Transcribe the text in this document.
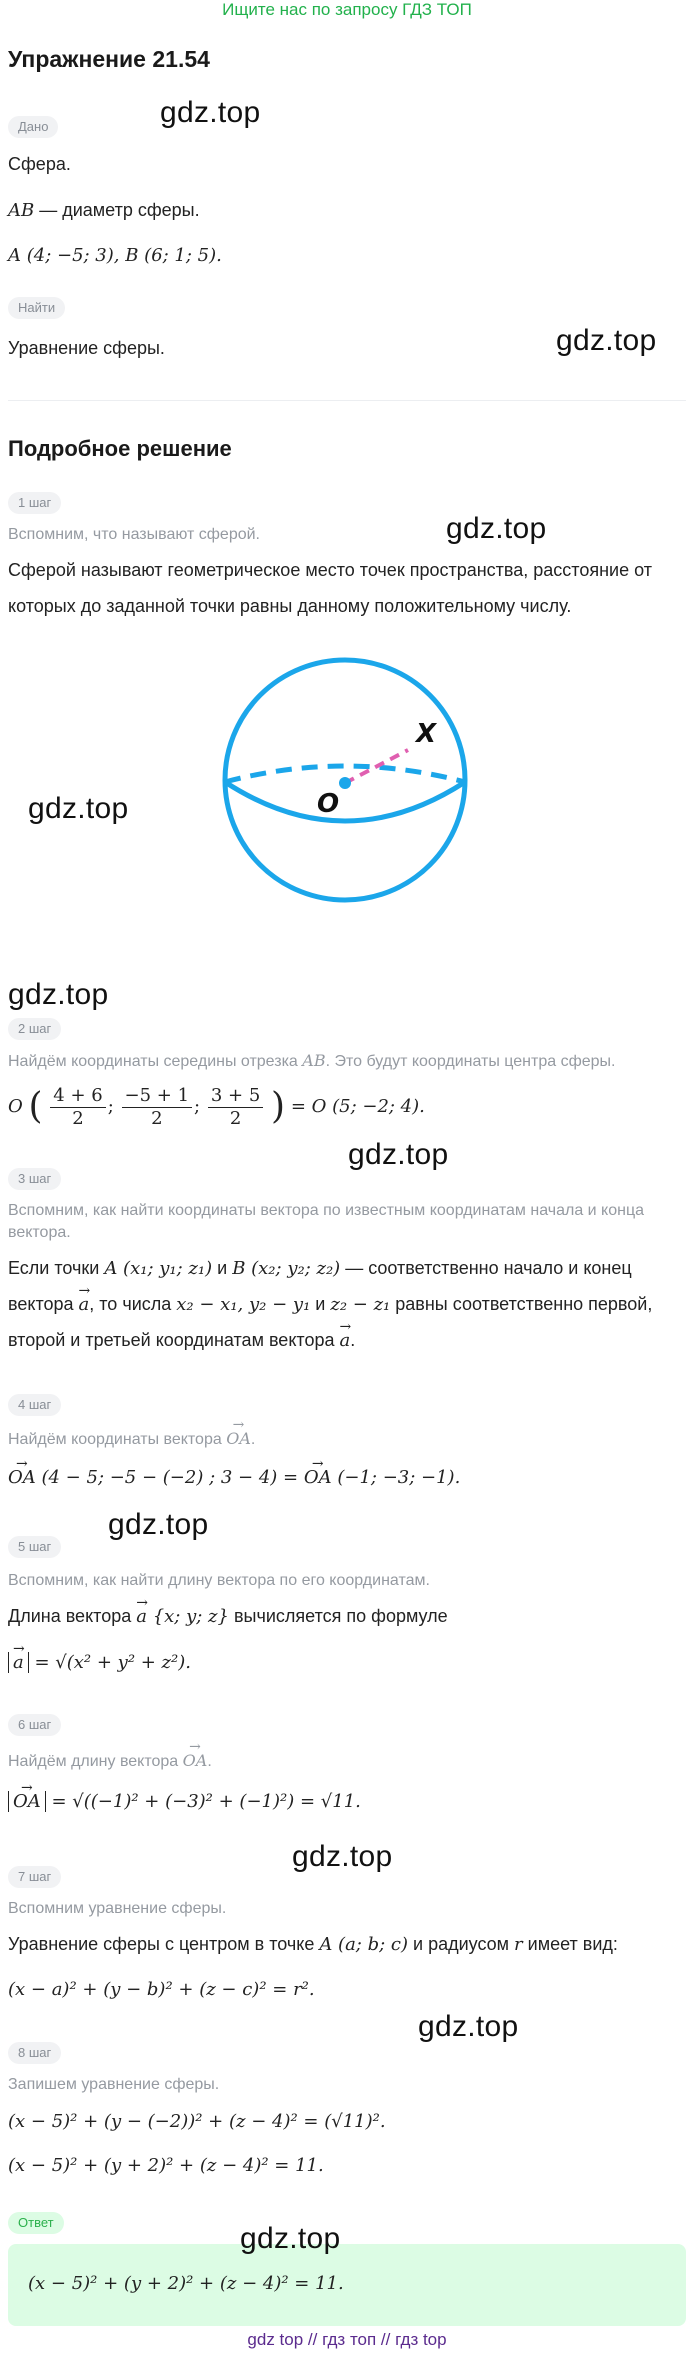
Ищите нас по запросу ГДЗ ТОП
Упражнение 21.54
Дано
Сфера.
AB — диаметр сферы.
A (4; −5; 3), B (6; 1; 5).
Найти
Уравнение сферы.
Подробное решение
1 шаг
Вспомним, что называют сферой.
Сферой называют геометрическое место точек пространства, расстояние от
которых до заданной точки равны данному положительному числу.
X
O
2 шаг
Найдём координаты середины отрезка AB. Это будут координаты центра сферы.
O ( $\frac{4 + 6}{2}$ ; $\frac{-5 + 1}{2}$ ; $\frac{3 + 5}{2}$ ) = O (5; −2; 4).
3 шаг
Вспомним, как найти координаты вектора по известным координатам начала и конца
вектора.
Если точки A (x₁; y₁; z₁) и B (x₂; y₂; z₂) — соответственно начало и конец
вектора → a, то числа x₂ − x₁, y₂ − y₁ и z₂ − z₁ равны соответственно первой,
второй и третьей координатам вектора → a.
4 шаг
Найдём координаты вектора → OA.
→ OA (4 − 5; −5 − (−2) ; 3 − 4) = → OA (−1; −3; −1).
5 шаг
Вспомним, как найти длину вектора по его координатам.
Длина вектора → a {x; y; z} вычисляется по формуле
→ a = √(x² + y² + z²).
6 шаг
Найдём длину вектора → OA.
→ OA = √((−1)² + (−3)² + (−1)²) = √11.
7 шаг
Вспомним уравнение сферы.
Уравнение сферы с центром в точке A (a; b; c) и радиусом r имеет вид:
(x − a)² + (y − b)² + (z − c)² = r².
8 шаг
Запишем уравнение сферы.
(x − 5)² + (y − (−2))² + (z − 4)² = (√11)².
(x − 5)² + (y + 2)² + (z − 4)² = 11.
Ответ
(x − 5)² + (y + 2)² + (z − 4)² = 11.
gdz.top
gdz.top
gdz.top
gdz.top
gdz.top
gdz.top
gdz.top
gdz.top
gdz.top
gdz.top
gdz top // гдз топ // гдз top
